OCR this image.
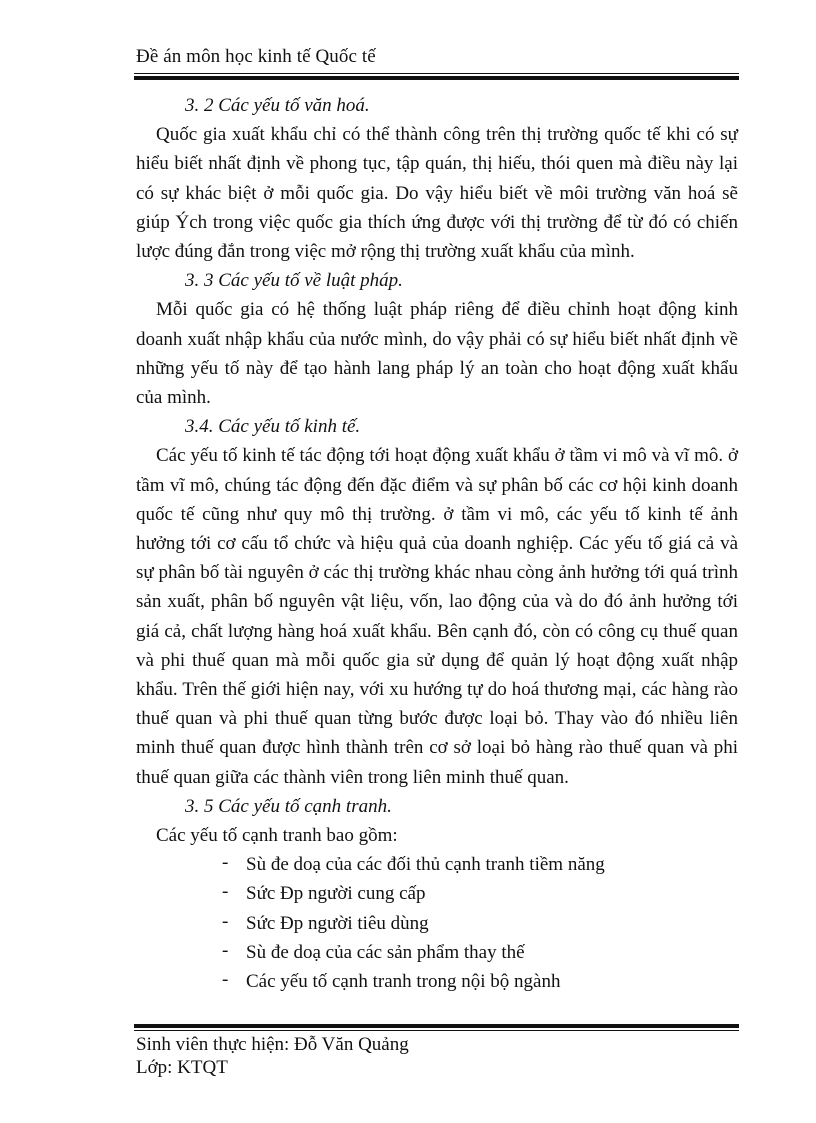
Đề án môn học kinh tế Quốc tế
3. 2 Các yếu tố văn hoá.
Quốc gia xuất khẩu chỉ có thể thành công trên thị trường quốc tế khi có sự hiểu biết nhất định về phong tục, tập quán, thị hiếu, thói quen mà điều này lại có sự khác biệt ở mỗi quốc gia. Do vậy hiểu biết về môi trường văn hoá sẽ giúp Ých trong việc quốc gia thích ứng được với thị trường để từ đó có chiến lược đúng đắn trong việc mở rộng thị trường xuất khẩu của mình.
3. 3 Các yếu tố về luật pháp.
Mỗi quốc gia có hệ thống luật pháp riêng để điều chỉnh hoạt động kinh doanh xuất nhập khẩu của nước mình, do vậy phải có sự hiểu biết nhất định về những yếu tố này để tạo hành lang pháp lý an toàn cho hoạt động xuất khẩu của mình.
3.4. Các yếu tố kinh tế.
Các yếu tố kinh tế tác động tới hoạt động xuất khẩu ở tầm vi mô và vĩ mô. ở tầm vĩ mô, chúng tác động đến đặc điểm và sự phân bố các cơ hội kinh doanh quốc tế cũng như quy mô thị trường. ở tầm vi mô, các yếu tố kinh tế ảnh hưởng tới cơ cấu tổ chức và hiệu quả của doanh nghiệp. Các yếu tố giá cả và sự phân bố tài nguyên ở các thị trường khác nhau còng ảnh hưởng tới quá trình sản xuất, phân bố nguyên vật liệu, vốn, lao động của và do đó ảnh hưởng tới giá cả, chất lượng hàng hoá xuất khẩu. Bên cạnh đó, còn có công cụ thuế quan và phi thuế quan mà mỗi quốc gia sử dụng để quản lý hoạt động xuất nhập khẩu. Trên thế giới hiện nay, với xu hướng tự do hoá thương mại, các hàng rào thuế quan và phi thuế quan từng bước được loại bỏ. Thay vào đó nhiều liên minh thuế quan được hình thành trên cơ sở loại bỏ hàng rào thuế quan và phi thuế quan giữa các thành viên trong liên minh thuế quan.
3. 5 Các yếu tố cạnh tranh.
Các yếu tố cạnh tranh bao gồm:
- Sù đe doạ của các đối thủ cạnh tranh tiềm năng
- Sức Ðp người cung cấp
- Sức Ðp người tiêu dùng
- Sù đe doạ của các sản phẩm thay thế
- Các yếu tố cạnh tranh trong nội bộ ngành
Sinh viên thực hiện: Đỗ Văn Quảng
Lớp: KTQT
